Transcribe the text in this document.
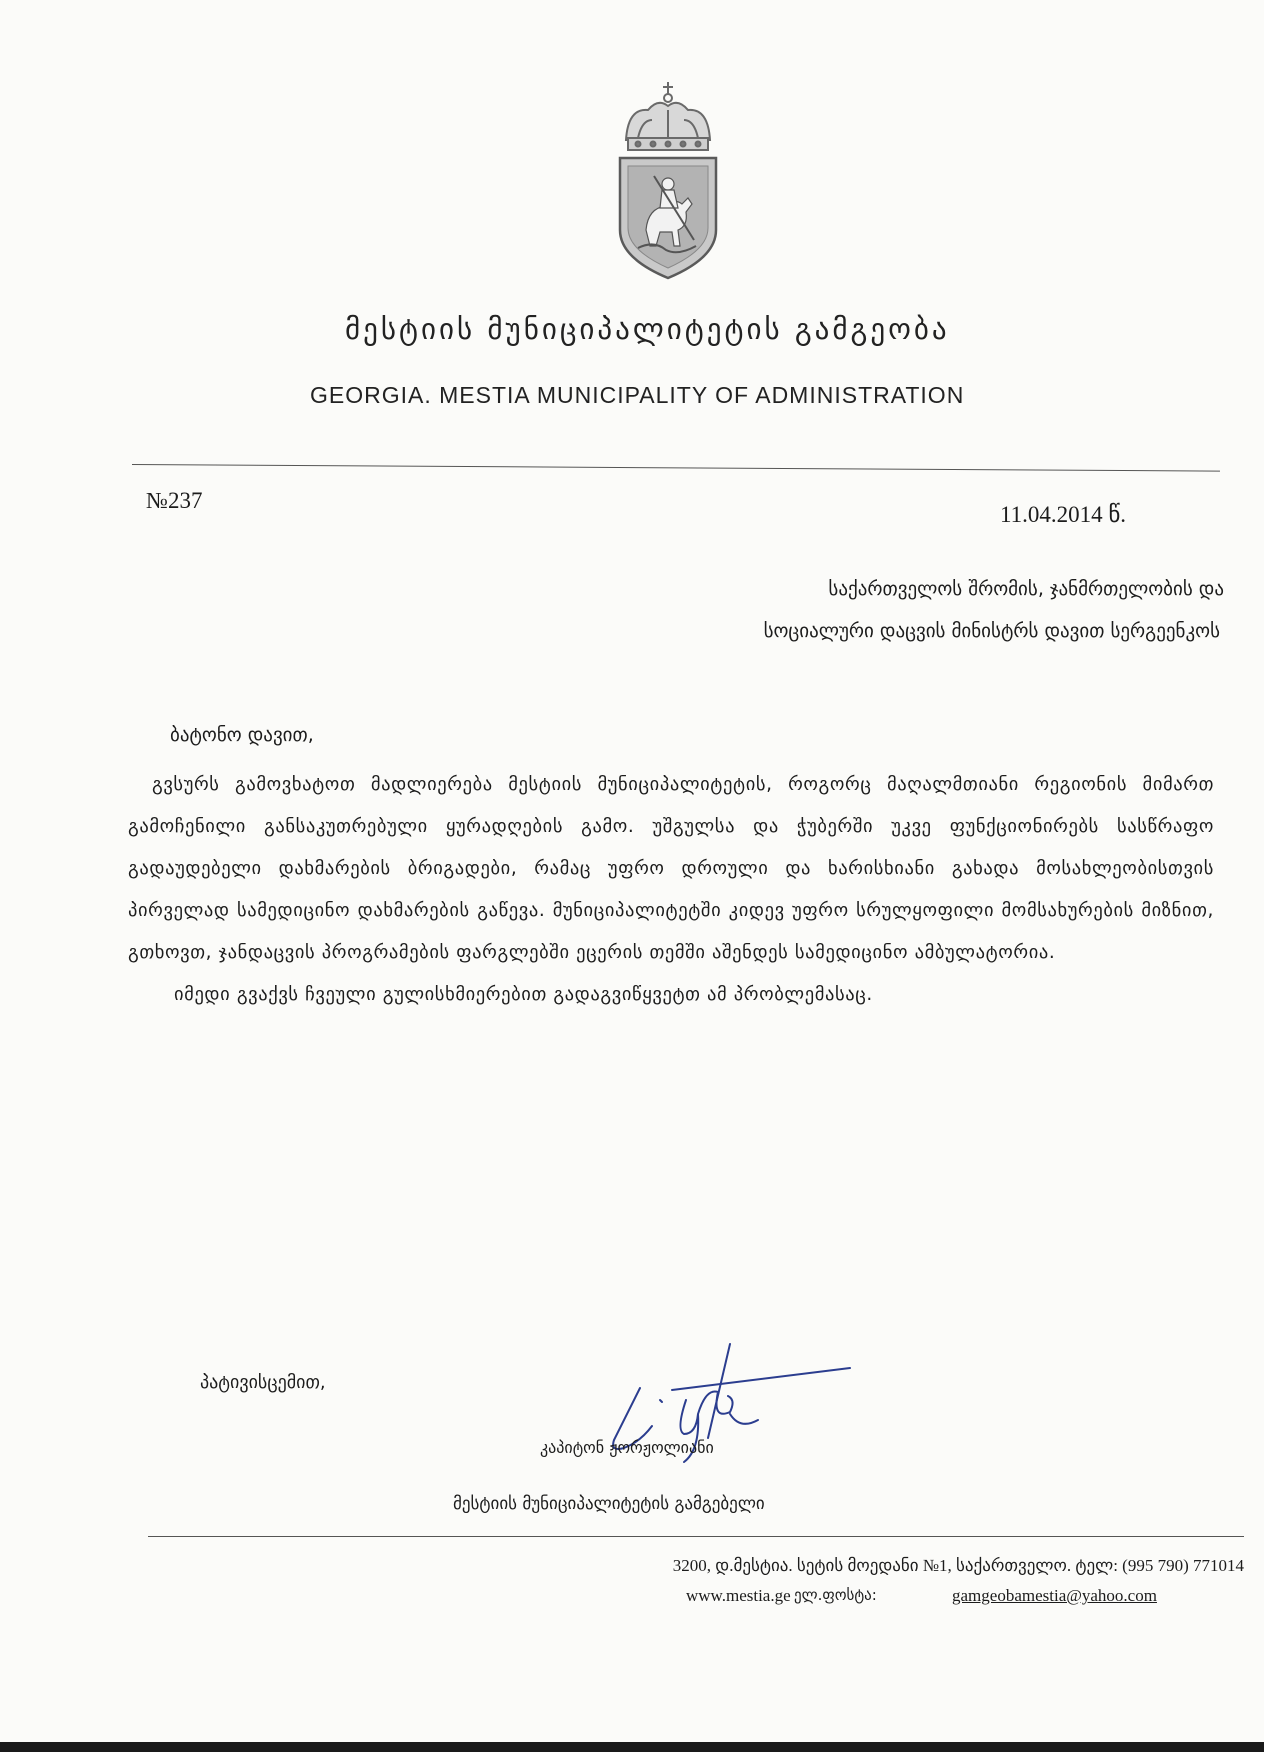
მესტიის მუნიციპალიტეტის გამგეობა
GEORGIA. MESTIA MUNICIPALITY OF ADMINISTRATION
№237
11.04.2014 წ.
საქართველოს შრომის, ჯანმრთელობის და
სოციალური დაცვის მინისტრს დავით სერგეენკოს
ბატონო დავით,

გვსურს გამოვხატოთ მადლიერება მესტიის მუნიციპალიტეტის, როგორც მაღალმთიანი რეგიონის მიმართ გამოჩენილი განსაკუთრებული ყურადღების გამო. უშგულსა და ჭუბერში უკვე ფუნქციონირებს სასწრაფო გადაუდებელი დახმარების ბრიგადები, რამაც უფრო დროული და ხარისხიანი გახადა მოსახლეობისთვის პირველად სამედიცინო დახმარების გაწევა. მუნიციპალიტეტში კიდევ უფრო სრულყოფილი მომსახურების მიზნით, გთხოვთ, ჯანდაცვის პროგრამების ფარგლებში ეცერის თემში აშენდეს სამედიცინო ამბულატორია.

იმედი გვაქვს ჩვეული გულისხმიერებით გადაგვიწყვეტთ ამ პრობლემასაც.

პატივისცემით,
კაპიტონ ჟორჟოლიანი
მესტიის მუნიციპალიტეტის გამგებელი
3200, დ.მესტია. სეტის მოედანი №1, საქართველო. ტელ: (995 790) 771014
www.mestia.ge ელ.ფოსტა:	gamgeobamestia@yahoo.com
